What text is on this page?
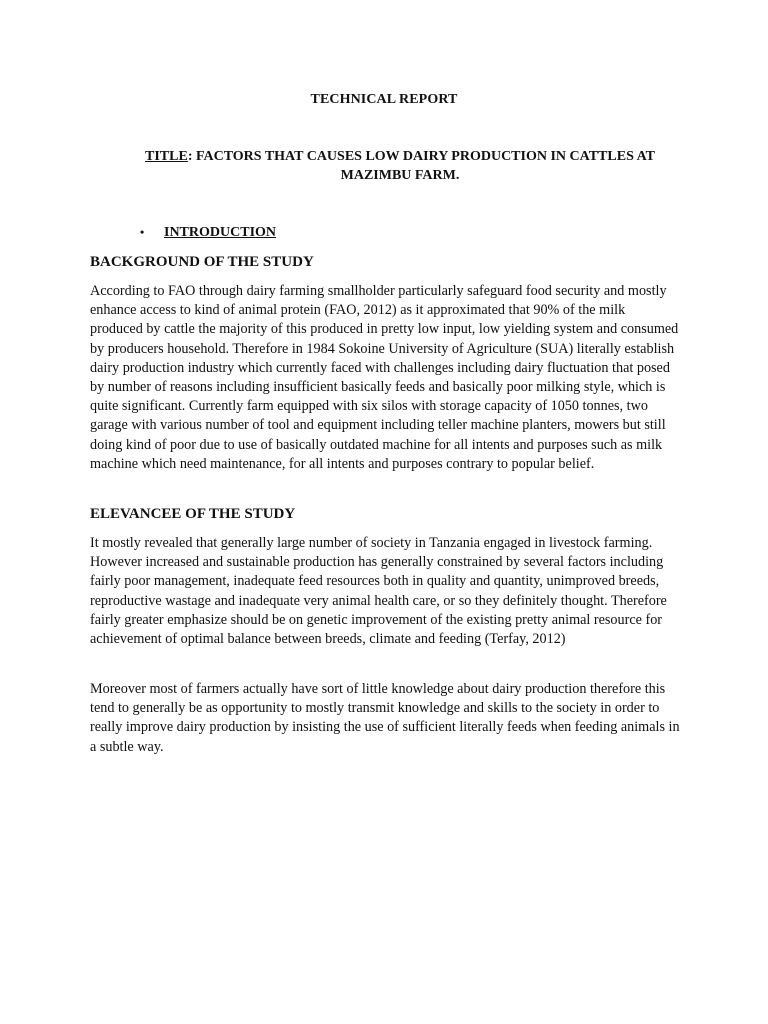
TECHNICAL REPORT
TITLE: FACTORS THAT CAUSES LOW DAIRY PRODUCTION IN CATTLES AT MAZIMBU FARM.
• INTRODUCTION
BACKGROUND OF THE STUDY

According to FAO through dairy farming smallholder particularly safeguard food security and mostly enhance access to kind of animal protein (FAO, 2012) as it approximated that 90% of the milk produced by cattle the majority of this produced in pretty low input, low yielding system and consumed by producers household. Therefore in 1984 Sokoine University of Agriculture (SUA) literally establish dairy production industry which currently faced with challenges including dairy fluctuation that posed by number of reasons including insufficient basically feeds and basically poor milking style, which is quite significant. Currently farm equipped with six silos with storage capacity of 1050 tonnes, two garage with various number of tool and equipment including teller machine planters, mowers but still doing kind of poor due to use of basically outdated machine for all intents and purposes such as milk machine which need maintenance, for all intents and purposes contrary to popular belief.

ELEVANCEE OF THE STUDY

It mostly revealed that generally large number of society in Tanzania engaged in livestock farming. However increased and sustainable production has generally constrained by several factors including fairly poor management, inadequate feed resources both in quality and quantity, unimproved breeds, reproductive wastage and inadequate very animal health care, or so they definitely thought. Therefore fairly greater emphasize should be on genetic improvement of the existing pretty animal resource for achievement of optimal balance between breeds, climate and feeding (Terfay, 2012)

Moreover most of farmers actually have sort of little knowledge about dairy production therefore this tend to generally be as opportunity to mostly transmit knowledge and skills to the society in order to really improve dairy production by insisting the use of sufficient literally feeds when feeding animals in a subtle way.
